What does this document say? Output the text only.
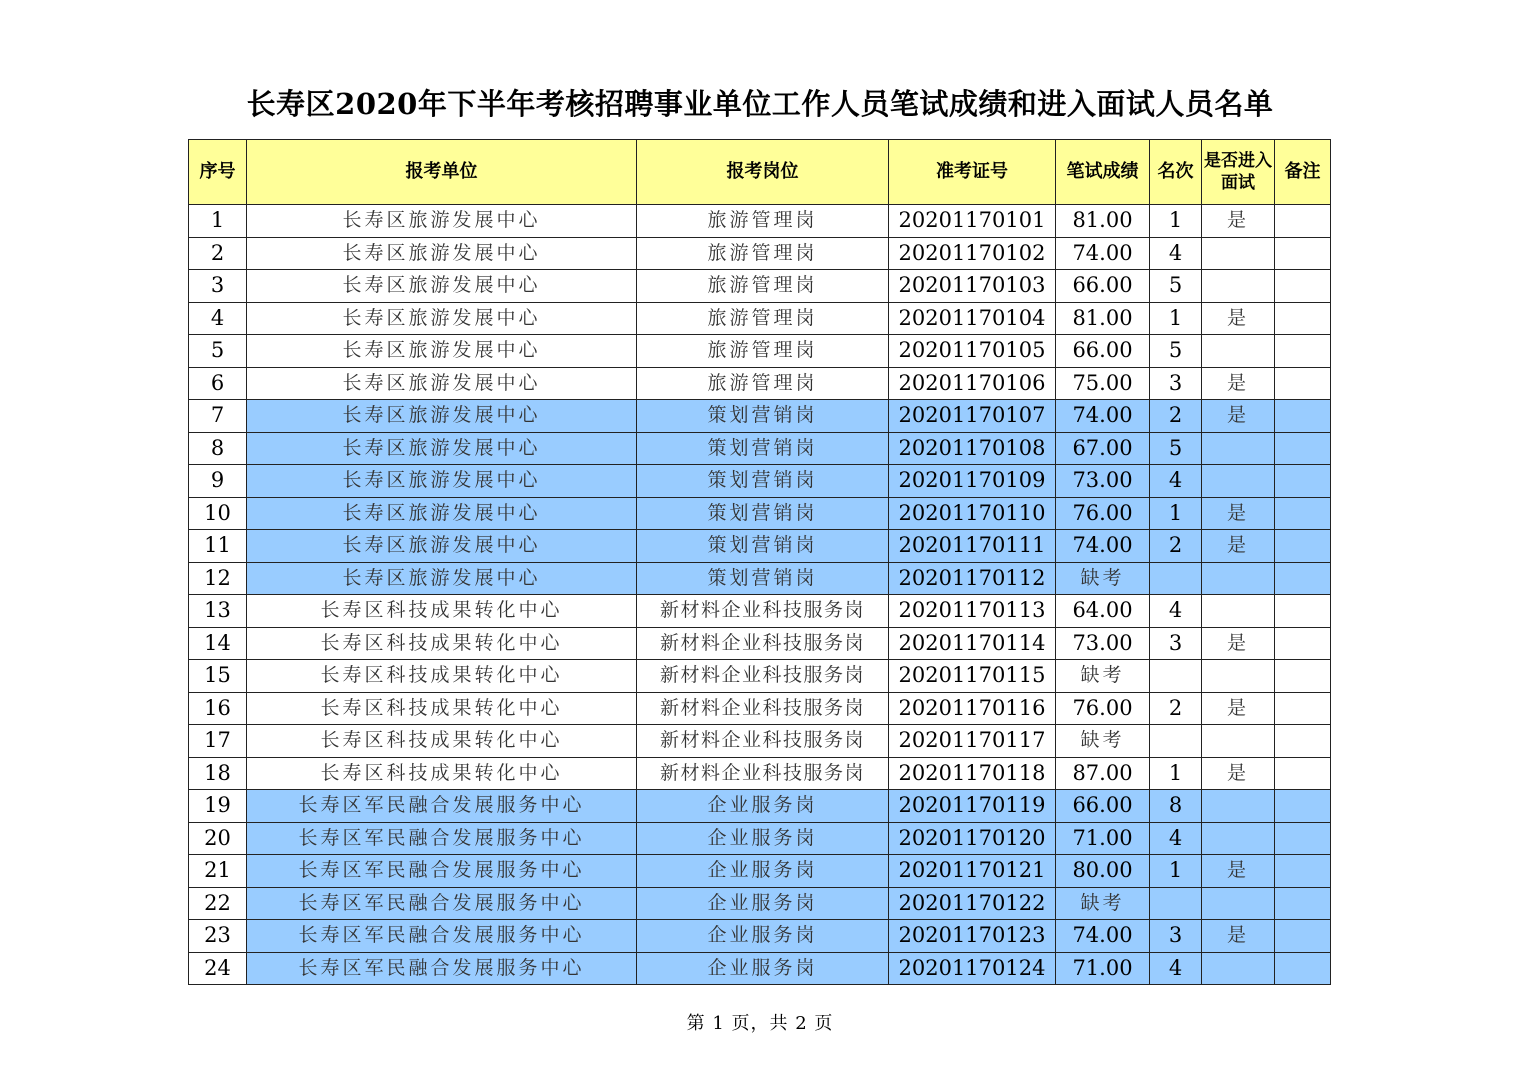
长寿区2020年下半年考核招聘事业单位工作人员笔试成绩和进入面试人员名单
序号	报考单位	报考岗位	准考证号	笔试成绩	名次	是否进入面试	备注
1	长寿区旅游发展中心	旅游管理岗	20201170101	81.00	1	是	
2	长寿区旅游发展中心	旅游管理岗	20201170102	74.00	4		
3	长寿区旅游发展中心	旅游管理岗	20201170103	66.00	5		
4	长寿区旅游发展中心	旅游管理岗	20201170104	81.00	1	是	
5	长寿区旅游发展中心	旅游管理岗	20201170105	66.00	5		
6	长寿区旅游发展中心	旅游管理岗	20201170106	75.00	3	是	
7	长寿区旅游发展中心	策划营销岗	20201170107	74.00	2	是	
8	长寿区旅游发展中心	策划营销岗	20201170108	67.00	5		
9	长寿区旅游发展中心	策划营销岗	20201170109	73.00	4		
10	长寿区旅游发展中心	策划营销岗	20201170110	76.00	1	是	
11	长寿区旅游发展中心	策划营销岗	20201170111	74.00	2	是	
12	长寿区旅游发展中心	策划营销岗	20201170112	缺考			
13	长寿区科技成果转化中心	新材料企业科技服务岗	20201170113	64.00	4		
14	长寿区科技成果转化中心	新材料企业科技服务岗	20201170114	73.00	3	是	
15	长寿区科技成果转化中心	新材料企业科技服务岗	20201170115	缺考			
16	长寿区科技成果转化中心	新材料企业科技服务岗	20201170116	76.00	2	是	
17	长寿区科技成果转化中心	新材料企业科技服务岗	20201170117	缺考			
18	长寿区科技成果转化中心	新材料企业科技服务岗	20201170118	87.00	1	是	
19	长寿区军民融合发展服务中心	企业服务岗	20201170119	66.00	8		
20	长寿区军民融合发展服务中心	企业服务岗	20201170120	71.00	4		
21	长寿区军民融合发展服务中心	企业服务岗	20201170121	80.00	1	是	
22	长寿区军民融合发展服务中心	企业服务岗	20201170122	缺考			
23	长寿区军民融合发展服务中心	企业服务岗	20201170123	74.00	3	是	
24	长寿区军民融合发展服务中心	企业服务岗	20201170124	71.00	4		
第 1 页，共 2 页
